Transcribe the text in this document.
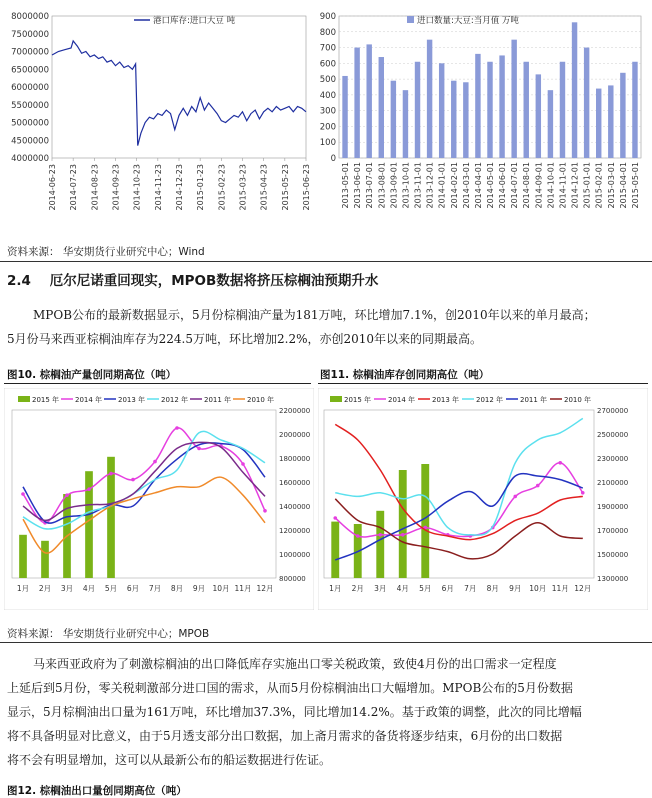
8000000
7500000
7000000
6500000
6000000
5500000
5000000
4500000
4000000
2014-06-23 2014-07-23 2014-08-23 2014-09-23 2014-10-23 2014-11-23 2014-12-23 2015-01-23 2015-02-23 2015-03-23 2015-04-23 2015-05-23 2015-06-23
港口库存:进口大豆 吨	900
800
700
600
500
400
300
200
100
0
2013-05-01 2013-06-01 2013-07-01 2013-08-01 2013-09-01 2013-10-01 2013-11-01 2013-12-01 2014-01-01 2014-02-01 2014-03-01 2014-04-01 2014-05-01 2014-06-01 2014-07-01 2014-08-01 2014-09-01 2014-10-01 2014-11-01 2014-12-01 2015-01-01 2015-02-01 2015-03-01 2015-04-01 2015-05-01
进口数量:大豆:当月值 万吨
资料来源： 华安期货行业研究中心；Wind
2.4 厄尔尼诺重回现实，MPOB数据将挤压棕榈油预期升水
MPOB公布的最新数据显示，5月份棕榈油产量为181万吨，环比增加7.1%，创2010年以来的单月最高；
5月份马来西亚棕榈油库存为224.5万吨，环比增加2.2%，亦创2010年以来的同期最高。
图10. 棕榈油产量创同期高位（吨）	图11. 棕榈油库存创同期高位（吨）
2200000
2000000
1800000
1600000
1400000
1200000
1000000
800000
1月 2月 3月 4月 5月 6月 7月 8月 9月 10月 11月 12月
2015 年 2014 年 2013 年 2012 年 2011 年 2010 年
2700000
2500000
2300000
2100000
1900000
1700000
1500000
1300000
1月 2月 3月 4月 5月 6月 7月 8月 9月 10月 11月 12月
2015 年 2014 年 2013 年 2012 年 2011 年 2010 年
资料来源： 华安期货行业研究中心；MPOB
马来西亚政府为了刺激棕榈油的出口降低库存实施出口零关税政策，致使4月份的出口需求一定程度
上延后到5月份，零关税刺激部分进口国的需求，从而5月份棕榈油出口大幅增加。MPOB公布的5月份数据
显示，5月棕榈油出口量为161万吨，环比增加37.3%，同比增加14.2%。基于政策的调整，此次的同比增幅
将不具备明显对比意义，由于5月透支部分出口数据，加上斋月需求的备货将逐步结束，6月份的出口数据
将不会有明显增加，这可以从最新公布的船运数据进行佐证。
图12. 棕榈油出口量创同期高位（吨）
